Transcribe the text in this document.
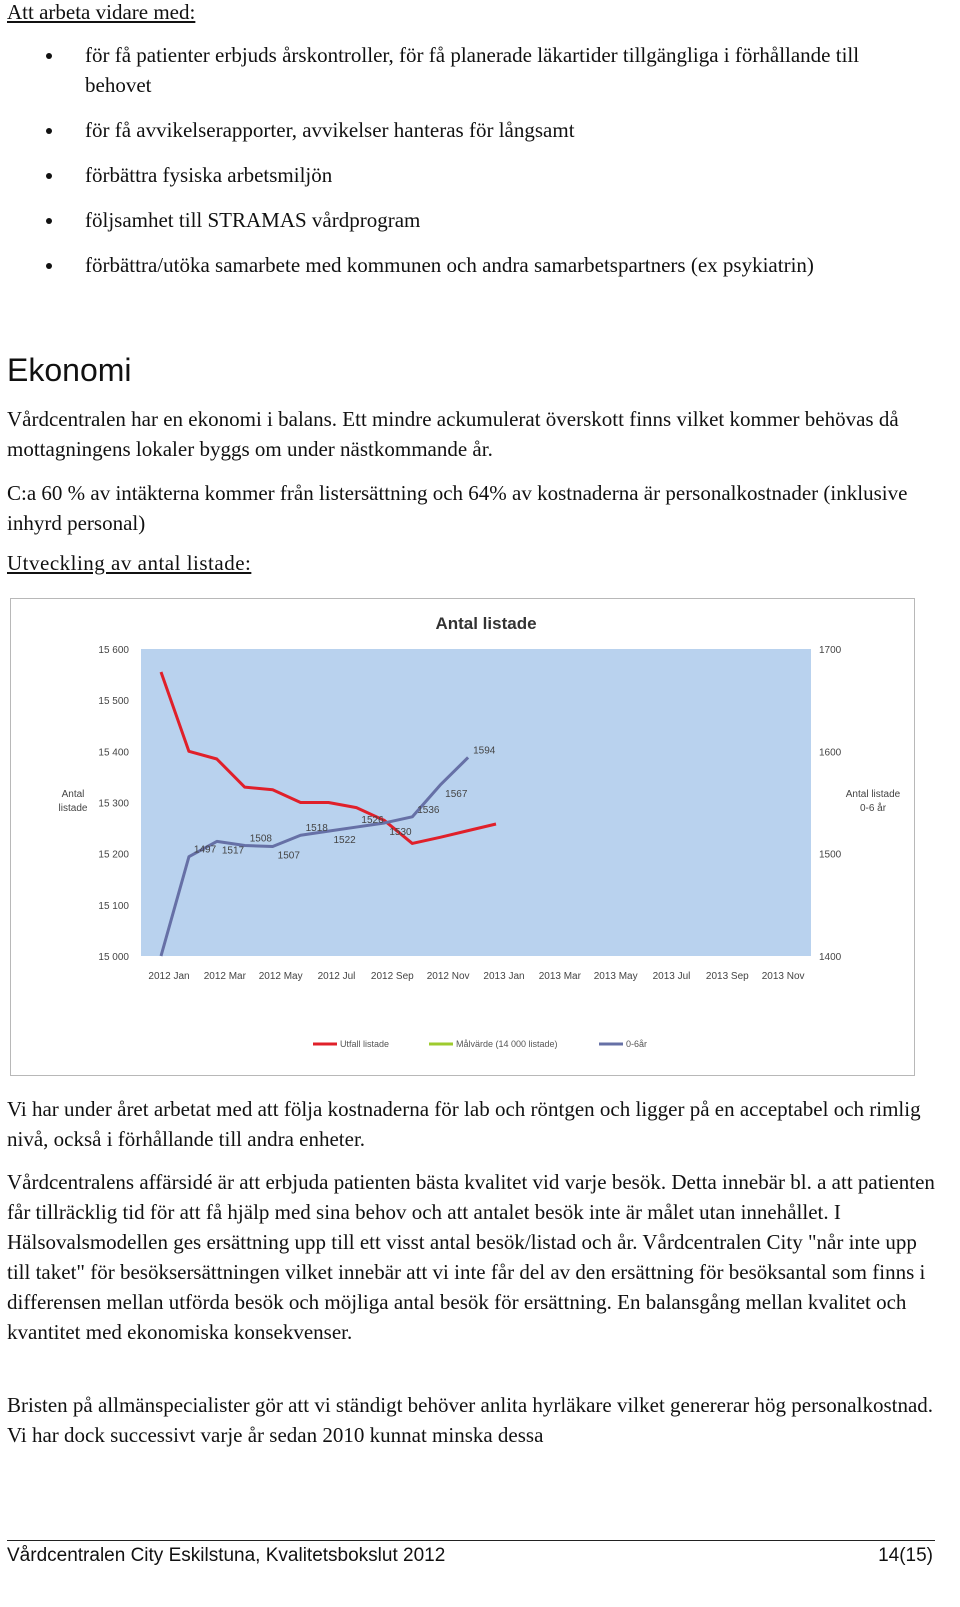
Att arbeta vidare med:
för få patienter erbjuds årskontroller, för få planerade läkartider tillgängliga i förhållande till behovet
för få avvikelserapporter, avvikelser hanteras för långsamt
förbättra fysiska arbetsmiljön
följsamhet till STRAMAS vårdprogram
förbättra/utöka samarbete med kommunen och andra samarbetspartners (ex psykiatrin)
Ekonomi

Vårdcentralen har en ekonomi i balans. Ett mindre ackumulerat överskott finns vilket kommer behövas då mottagningens lokaler byggs om under nästkommande år.

C:a 60 % av intäkterna kommer från listersättning och 64% av kostnaderna är personalkostnader (inklusive inhyrd personal)

Utveckling av antal listade:
Antal listade
15 600
15 500
15 400
15 300
15 200
15 100
15 000
1700
1600
1500
1400
Antal
listade
Antal listade
0-6 år
2012 Jan 2012 Mar 2012 May 2012 Jul 2012 Sep 2012 Nov 2013 Jan 2013 Mar 2013 May 2013 Jul 2013 Sep 2013 Nov
1497 1517
1508
1507
1518
1522
1526
1530
1536
1567
1594
Utfall listade	Målvärde (14 000 listade)	0-6år

Vi har under året arbetat med att följa kostnaderna för lab och röntgen och ligger på en acceptabel och rimlig nivå, också i förhållande till andra enheter.

Vårdcentralens affärsidé är att erbjuda patienten bästa kvalitet vid varje besök. Detta innebär bl. a att patienten får tillräcklig tid för att få hjälp med sina behov och att antalet besök inte är målet utan innehållet. I Hälsovalsmodellen ges ersättning upp till ett visst antal besök/listad och år. Vårdcentralen City "når inte upp till taket" för besöksersättningen vilket innebär att vi inte får del av den ersättning för besöksantal som finns i differensen mellan utförda besök och möjliga antal besök för ersättning. En balansgång mellan kvalitet och kvantitet med ekonomiska konsekvenser.

Bristen på allmänspecialister gör att vi ständigt behöver anlita hyrläkare vilket genererar hög personalkostnad. Vi har dock successivt varje år sedan 2010 kunnat minska dessa

Vårdcentralen City Eskilstuna, Kvalitetsbokslut 2012	14(15)
